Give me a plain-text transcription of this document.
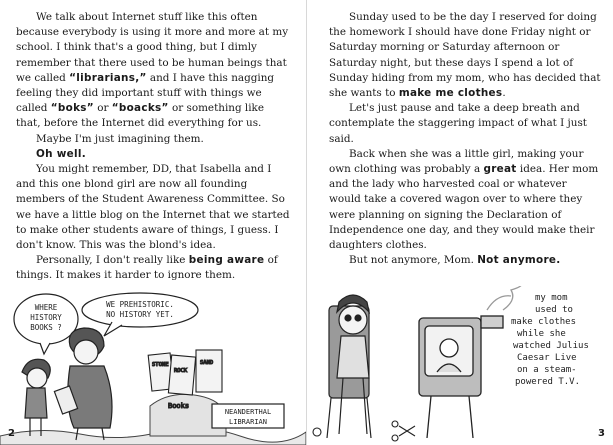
We talk about Internet stuff like this often because everybody is using it more and more at my school. I think that's a good thing, but I dimly remember that there used to be human beings that we called “librarians,” and I have this nagging feeling they did important stuff with things we called “boks” or “boacks” or something like that, before the Internet did everything for us.

Maybe I'm just imagining them.

Oh well.

You might remember, DD, that Isabella and I and this one blond girl are now all founding members of the Student Awareness Committee. So we have a little blog on the Internet that we started to make other students aware of things, I guess. I don't know. This was the blond's idea.

Personally, I don't really like being aware of things. It makes it harder to ignore them.

WHERE
HISTORY
BOOKS ?
WE PREHISTORIC.
NO HISTORY YET.
STONE
ROCK
SAND
Books
NEANDERTHAL
LIBRARIAN
2

Sunday used to be the day I reserved for doing the homework I should have done Friday night or Saturday morning or Saturday afternoon or Saturday night, but these days I spend a lot of Sunday hiding from my mom, who has decided that she wants to make me clothes.

Let's just pause and take a deep breath and contemplate the staggering impact of what I just said.

Back when she was a little girl, making your own clothing was probably a great idea. Her mom and the lady who harvested coal or whatever would take a covered wagon over to where they were planning on signing the Declaration of Independence one day, and they would make their daughters clothes.

But not anymore, Mom. Not anymore.

my mom
used to
make clothes
while she
watched Julius
Caesar Live
on a steam-
powered T.V.
3
